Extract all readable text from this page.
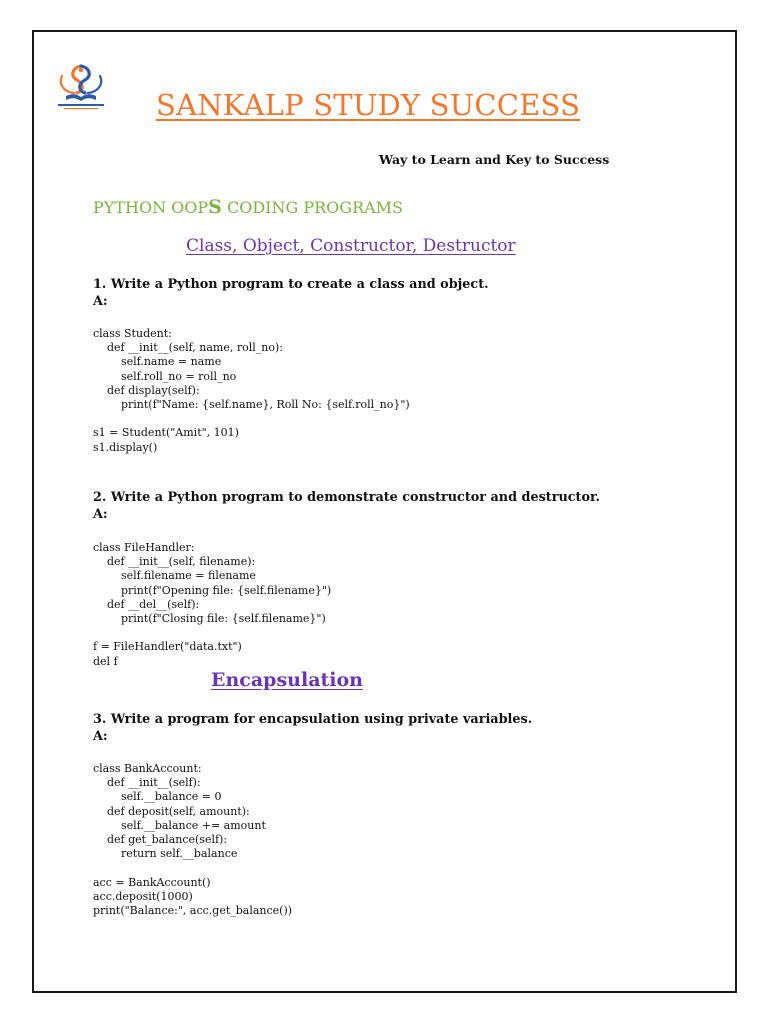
SANKALP STUDY SUCCESS
Way to Learn and Key to Success
PYTHON OOPS CODING PROGRAMS
Class, Object, Constructor, Destructor
1. Write a Python program to create a class and object.
A:
class Student:
def __init__(self, name, roll_no):
self.name = name
self.roll_no = roll_no
def display(self):
print(f"Name: {self.name}, Roll No: {self.roll_no}")

s1 = Student("Amit", 101)
s1.display()
2. Write a Python program to demonstrate constructor and destructor.
A:
class FileHandler:
def __init__(self, filename):
self.filename = filename
print(f"Opening file: {self.filename}")
def __del__(self):
print(f"Closing file: {self.filename}")

f = FileHandler("data.txt")
del f
Encapsulation
3. Write a program for encapsulation using private variables.
A:
class BankAccount:
def __init__(self):
self.__balance = 0
def deposit(self, amount):
self.__balance += amount
def get_balance(self):
return self.__balance

acc = BankAccount()
acc.deposit(1000)
print("Balance:", acc.get_balance())
